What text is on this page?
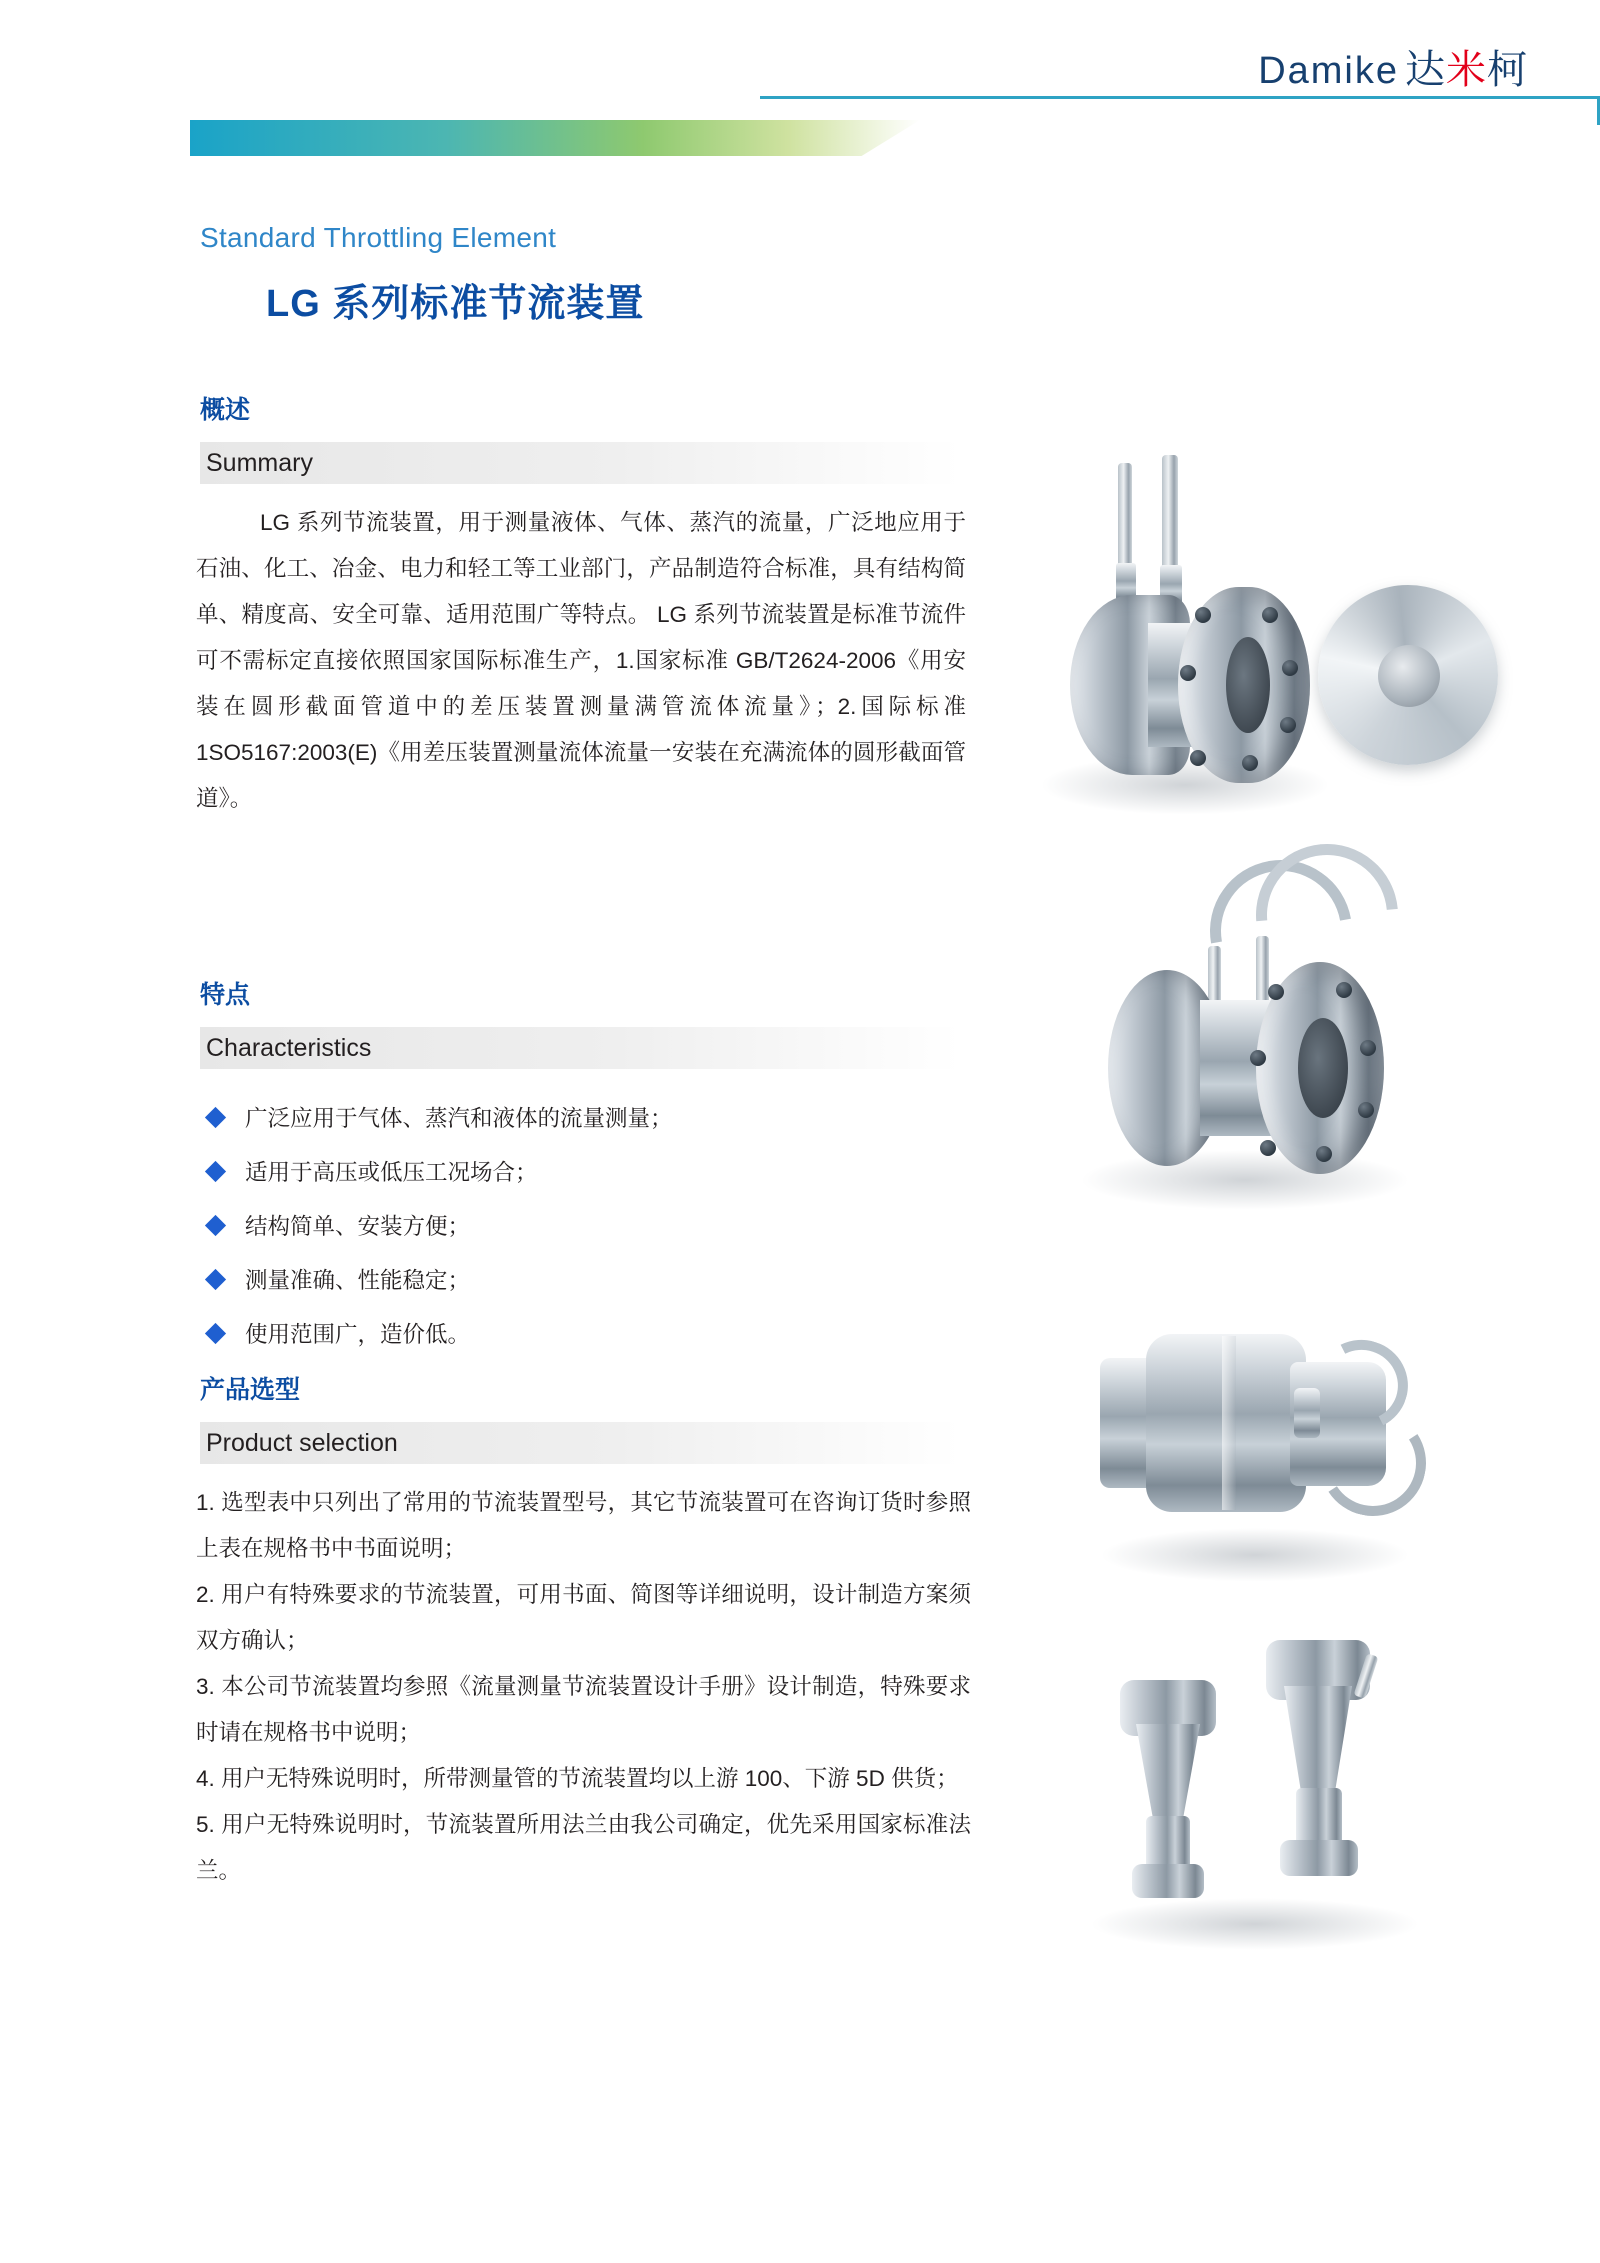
Damike 达米柯
Standard Throttling Element
LG 系列标准节流装置
概述
Summary
LG 系列节流装置，用于测量液体、气体、蒸汽的流量，广泛地应用于石油、化工、冶金、电力和轻工等工业部门，产品制造符合标准，具有结构简单、精度高、安全可靠、适用范围广等特点。 LG 系列节流装置是标准节流件可不需标定直接依照国家国际标准生产，1.国家标准 GB/T2624-2006《用安装在圆形截面管道中的差压装置测量满管流体流量》；2.国际标准 1SO5167:2003(E)《用差压装置测量流体流量一安装在充满流体的圆形截面管道》。
特点
Characteristics
广泛应用于气体、蒸汽和液体的流量测量；
适用于高压或低压工况场合；
结构简单、安装方便；
测量准确、性能稳定；
使用范围广，造价低。
产品选型
Product selection

1. 选型表中只列出了常用的节流装置型号，其它节流装置可在咨询订货时参照上表在规格书中书面说明；

2. 用户有特殊要求的节流装置，可用书面、简图等详细说明，设计制造方案须双方确认；

3. 本公司节流装置均参照《流量测量节流装置设计手册》设计制造，特殊要求时请在规格书中说明；

4. 用户无特殊说明时，所带测量管的节流装置均以上游 100、下游 5D 供货；

5. 用户无特殊说明时，节流装置所用法兰由我公司确定，优先采用国家标准法兰。
